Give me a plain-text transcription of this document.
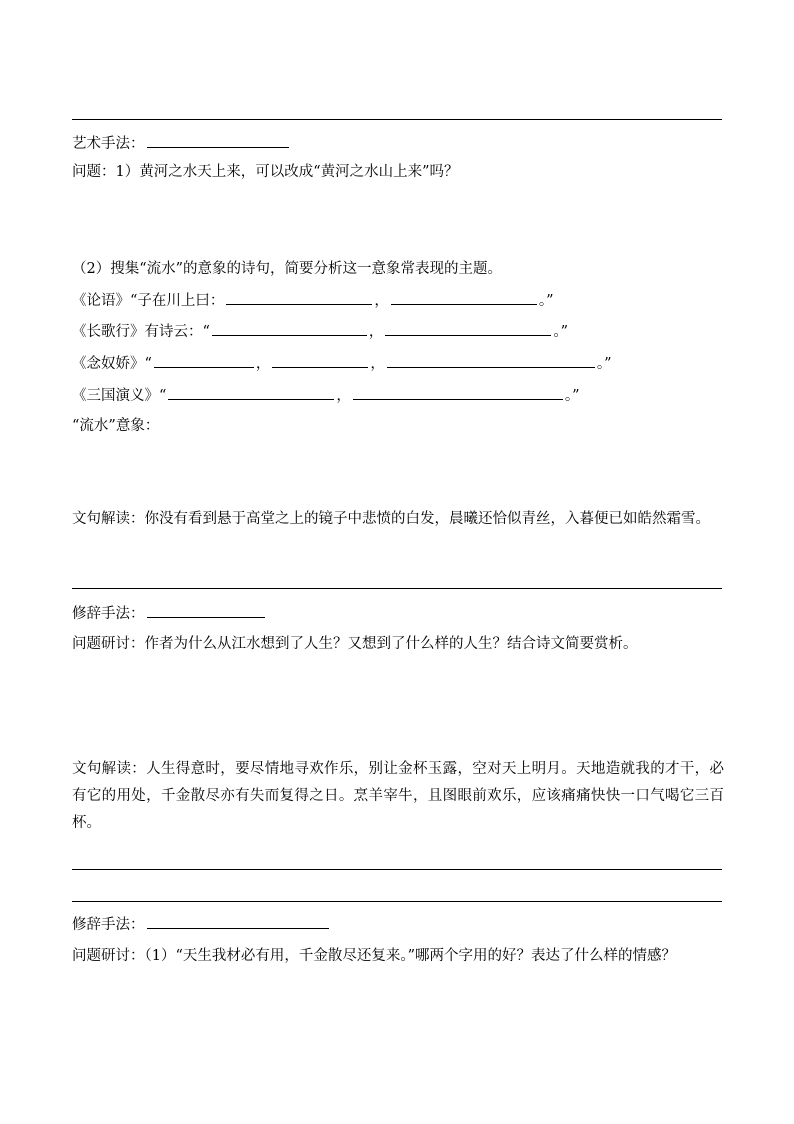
艺术手法：
问题：1）黄河之水天上来，可以改成“黄河之水山上来”吗？
（2）搜集“流水”的意象的诗句，简要分析这一意象常表现的主题。
《论语》“子在川上曰：	，	。”
《长歌行》有诗云：“	，	。”
《念奴娇》“	，	，	。”
《三国演义》“	，	。”
“流水”意象：
文句解读：你没有看到悬于高堂之上的镜子中悲愤的白发，晨曦还恰似青丝，入暮便已如皓然霜雪。
修辞手法：
问题研讨：作者为什么从江水想到了人生？又想到了什么样的人生？结合诗文简要赏析。
文句解读：人生得意时，要尽情地寻欢作乐，别让金杯玉露，空对天上明月。天地造就我的才干，必有它的用处，千金散尽亦有失而复得之日。烹羊宰牛，且图眼前欢乐，应该痛痛快快一口气喝它三百杯。
修辞手法：
问题研讨：（1）“天生我材必有用，千金散尽还复来。”哪两个字用的好？表达了什么样的情感？
